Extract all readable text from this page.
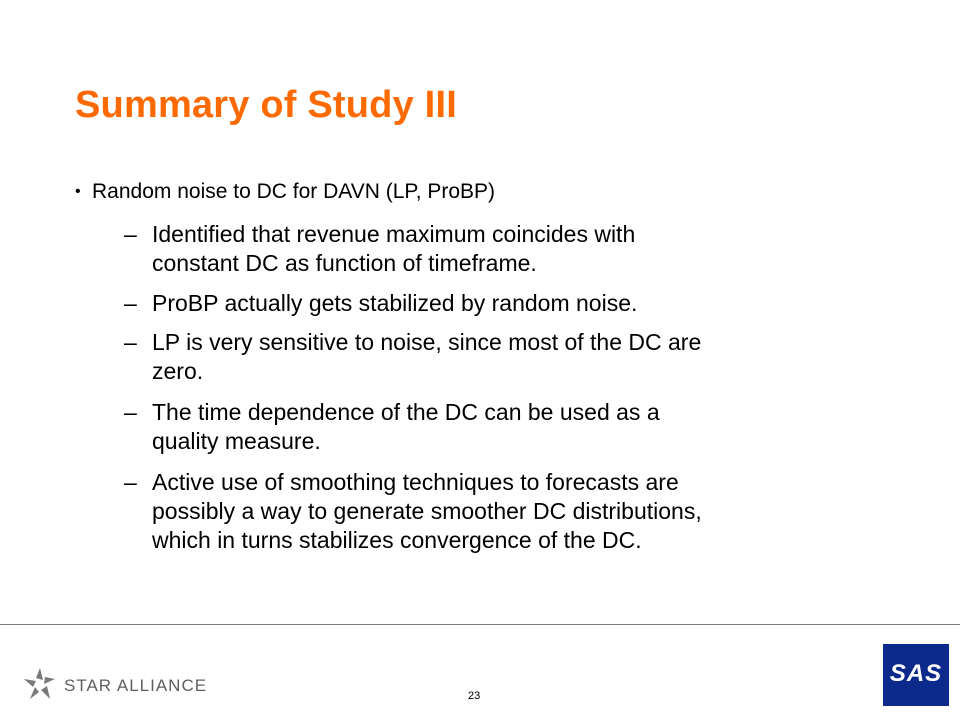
Summary of Study III
• Random noise to DC for DAVN (LP, ProBP)
– Identified that revenue maximum coincides with
constant DC as function of timeframe.
– ProBP actually gets stabilized by random noise.
– LP is very sensitive to noise, since most of the DC are
zero.
– The time dependence of the DC can be used as a
quality measure.
– Active use of smoothing techniques to forecasts are
possibly a way to generate smoother DC distributions,
which in turns stabilizes convergence of the DC.
STAR ALLIANCE
23
SAS
